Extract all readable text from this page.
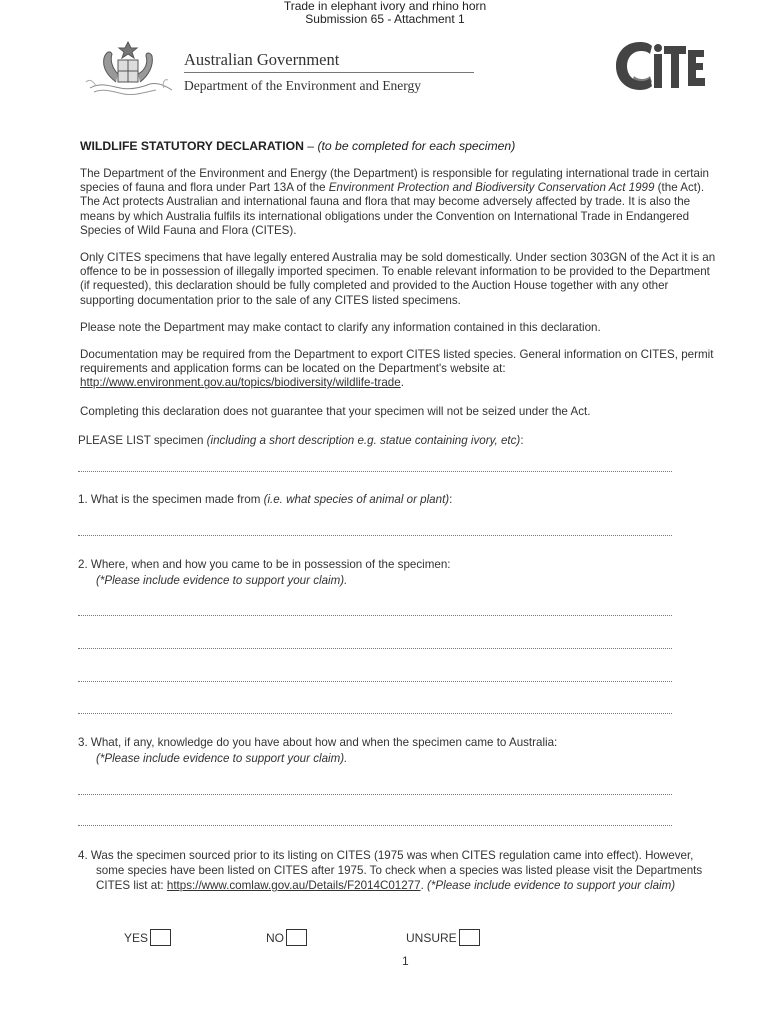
Trade in elephant ivory and rhino horn
Submission 65 - Attachment 1
Australian Government
Department of the Environment and Energy
WILDLIFE STATUTORY DECLARATION – (to be completed for each specimen)
The Department of the Environment and Energy (the Department) is responsible for regulating international trade in certain species of fauna and flora under Part 13A of the Environment Protection and Biodiversity Conservation Act 1999 (the Act). The Act protects Australian and international fauna and flora that may become adversely affected by trade. It is also the means by which Australia fulfils its international obligations under the Convention on International Trade in Endangered Species of Wild Fauna and Flora (CITES).
Only CITES specimens that have legally entered Australia may be sold domestically. Under section 303GN of the Act it is an offence to be in possession of illegally imported specimen. To enable relevant information to be provided to the Department (if requested), this declaration should be fully completed and provided to the Auction House together with any other supporting documentation prior to the sale of any CITES listed specimens.
Please note the Department may make contact to clarify any information contained in this declaration.
Documentation may be required from the Department to export CITES listed species. General information on CITES, permit requirements and application forms can be located on the Department's website at: http://www.environment.gov.au/topics/biodiversity/wildlife-trade.
Completing this declaration does not guarantee that your specimen will not be seized under the Act.
PLEASE LIST specimen (including a short description e.g. statue containing ivory, etc):
1. What is the specimen made from (i.e. what species of animal or plant):
2. Where, when and how you came to be in possession of the specimen:
(*Please include evidence to support your claim).
3. What, if any, knowledge do you have about how and when the specimen came to Australia:
(*Please include evidence to support your claim).
4. Was the specimen sourced prior to its listing on CITES (1975 was when CITES regulation came into effect). However, some species have been listed on CITES after 1975. To check when a species was listed please visit the Departments CITES list at: https://www.comlaw.gov.au/Details/F2014C01277. (*Please include evidence to support your claim)
YES	NO	UNSURE
1
